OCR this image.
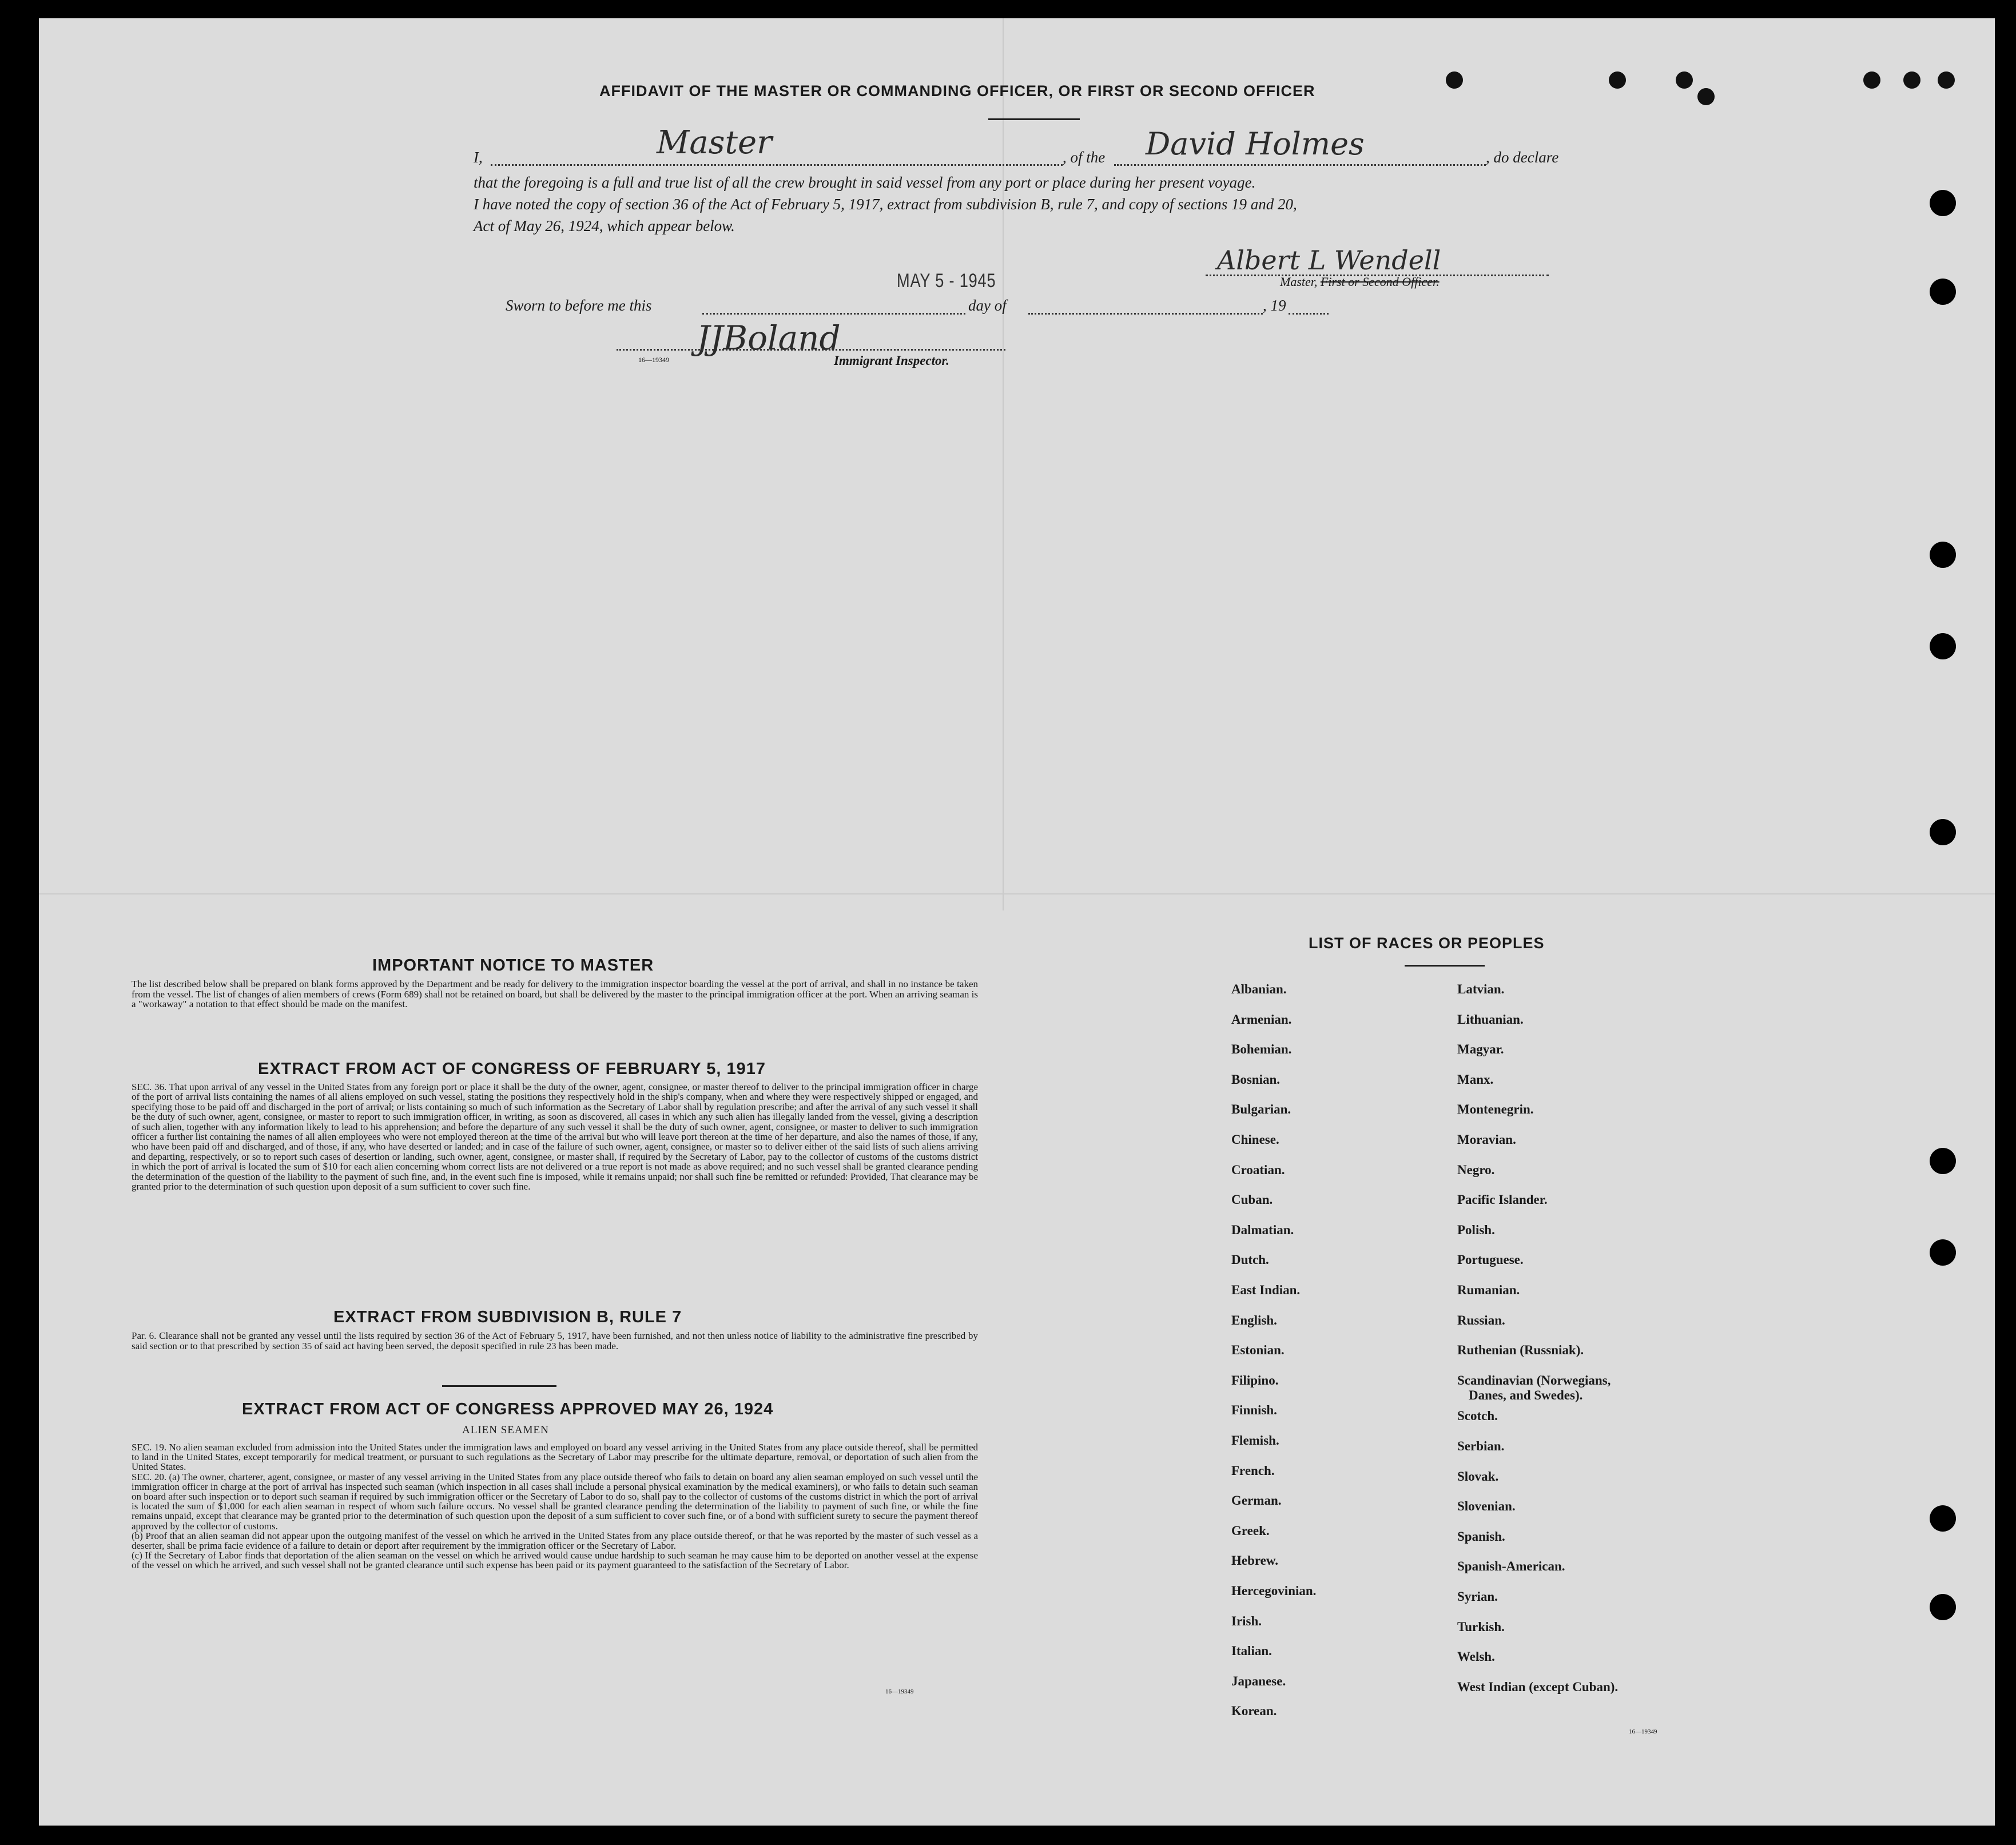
AFFIDAVIT OF THE MASTER OR COMMANDING OFFICER, OR FIRST OR SECOND OFFICER
I,	Master	, of the David Holmes	, do declare
that the foregoing is a full and true list of all the crew brought in said vessel from any port or place during her present voyage.
I have noted the copy of section 36 of the Act of February 5, 1917, extract from subdivision B, rule 7, and copy of sections 19 and 20,
Act of May 26, 1924, which appear below.
Albert L Wendell
Master, First or Second Officer.
MAY 5 - 1945
Sworn to before me this	day of	, 19
JJBoland
16—19349	Immigrant Inspector.
IMPORTANT NOTICE TO MASTER
The list described below shall be prepared on blank forms approved by the Department and be ready for delivery to the immigration inspector boarding the vessel at the port of arrival, and shall in no instance be taken from the vessel. The list of changes of alien members of crews (Form 689) shall not be retained on board, but shall be delivered by the master to the principal immigration officer at the port. When an arriving seaman is a "workaway" a notation to that effect should be made on the manifest.
EXTRACT FROM ACT OF CONGRESS OF FEBRUARY 5, 1917
SEC. 36. That upon arrival of any vessel in the United States from any foreign port or place it shall be the duty of the owner, agent, consignee, or master thereof to deliver to the principal immigration officer in charge of the port of arrival lists containing the names of all aliens employed on such vessel, stating the positions they respectively hold in the ship's company, when and where they were respectively shipped or engaged, and specifying those to be paid off and discharged in the port of arrival; or lists containing so much of such information as the Secretary of Labor shall by regulation prescribe; and after the arrival of any such vessel it shall be the duty of such owner, agent, consignee, or master to report to such immigration officer, in writing, as soon as discovered, all cases in which any such alien has illegally landed from the vessel, giving a description of such alien, together with any information likely to lead to his apprehension; and before the departure of any such vessel it shall be the duty of such owner, agent, consignee, or master to deliver to such immigration officer a further list containing the names of all alien employees who were not employed thereon at the time of the arrival but who will leave port thereon at the time of her departure, and also the names of those, if any, who have been paid off and discharged, and of those, if any, who have deserted or landed; and in case of the failure of such owner, agent, consignee, or master so to deliver either of the said lists of such aliens arriving and departing, respectively, or so to report such cases of desertion or landing, such owner, agent, consignee, or master shall, if required by the Secretary of Labor, pay to the collector of customs of the customs district in which the port of arrival is located the sum of $10 for each alien concerning whom correct lists are not delivered or a true report is not made as above required; and no such vessel shall be granted clearance pending the determination of the question of the liability to the payment of such fine, and, in the event such fine is imposed, while it remains unpaid; nor shall such fine be remitted or refunded: Provided, That clearance may be granted prior to the determination of such question upon deposit of a sum sufficient to cover such fine.
EXTRACT FROM SUBDIVISION B, RULE 7
Par. 6. Clearance shall not be granted any vessel until the lists required by section 36 of the Act of February 5, 1917, have been furnished, and not then unless notice of liability to the administrative fine prescribed by said section or to that prescribed by section 35 of said act having been served, the deposit specified in rule 23 has been made.
EXTRACT FROM ACT OF CONGRESS APPROVED MAY 26, 1924
ALIEN SEAMEN
SEC. 19. No alien seaman excluded from admission into the United States under the immigration laws and employed on board any vessel arriving in the United States from any place outside thereof, shall be permitted to land in the United States, except temporarily for medical treatment, or pursuant to such regulations as the Secretary of Labor may prescribe for the ultimate departure, removal, or deportation of such alien from the United States.
SEC. 20. (a) The owner, charterer, agent, consignee, or master of any vessel arriving in the United States from any place outside thereof who fails to detain on board any alien seaman employed on such vessel until the immigration officer in charge at the port of arrival has inspected such seaman (which inspection in all cases shall include a personal physical examination by the medical examiners), or who fails to detain such seaman on board after such inspection or to deport such seaman if required by such immigration officer or the Secretary of Labor to do so, shall pay to the collector of customs of the customs district in which the port of arrival is located the sum of $1,000 for each alien seaman in respect of whom such failure occurs. No vessel shall be granted clearance pending the determination of the liability to payment of such fine, or while the fine remains unpaid, except that clearance may be granted prior to the determination of such question upon the deposit of a sum sufficient to cover such fine, or of a bond with sufficient surety to secure the payment thereof approved by the collector of customs.
(b) Proof that an alien seaman did not appear upon the outgoing manifest of the vessel on which he arrived in the United States from any place outside thereof, or that he was reported by the master of such vessel as a deserter, shall be prima facie evidence of a failure to detain or deport after requirement by the immigration officer or the Secretary of Labor.
(c) If the Secretary of Labor finds that deportation of the alien seaman on the vessel on which he arrived would cause undue hardship to such seaman he may cause him to be deported on another vessel at the expense of the vessel on which he arrived, and such vessel shall not be granted clearance until such expense has been paid or its payment guaranteed to the satisfaction of the Secretary of Labor.
16—19349
LIST OF RACES OR PEOPLES
16—19349
Albanian.
Armenian.
Bohemian.
Bosnian.
Bulgarian.
Chinese.
Croatian.
Cuban.
Dalmatian.
Dutch.
East Indian.
English.
Estonian.
Filipino.
Finnish.
Flemish.
French.
German.
Greek.
Hebrew.
Hercegovinian.
Irish.
Italian.
Japanese.
Korean.
Latvian.
Lithuanian.
Magyar.
Manx.
Montenegrin.
Moravian.
Negro.
Pacific Islander.
Polish.
Portuguese.
Rumanian.
Russian.
Ruthenian (Russniak).
Scandinavian (Norwegians,
Danes, and Swedes).
Scotch.
Serbian.
Slovak.
Slovenian.
Spanish.
Spanish-American.
Syrian.
Turkish.
Welsh.
West Indian (except Cuban).
